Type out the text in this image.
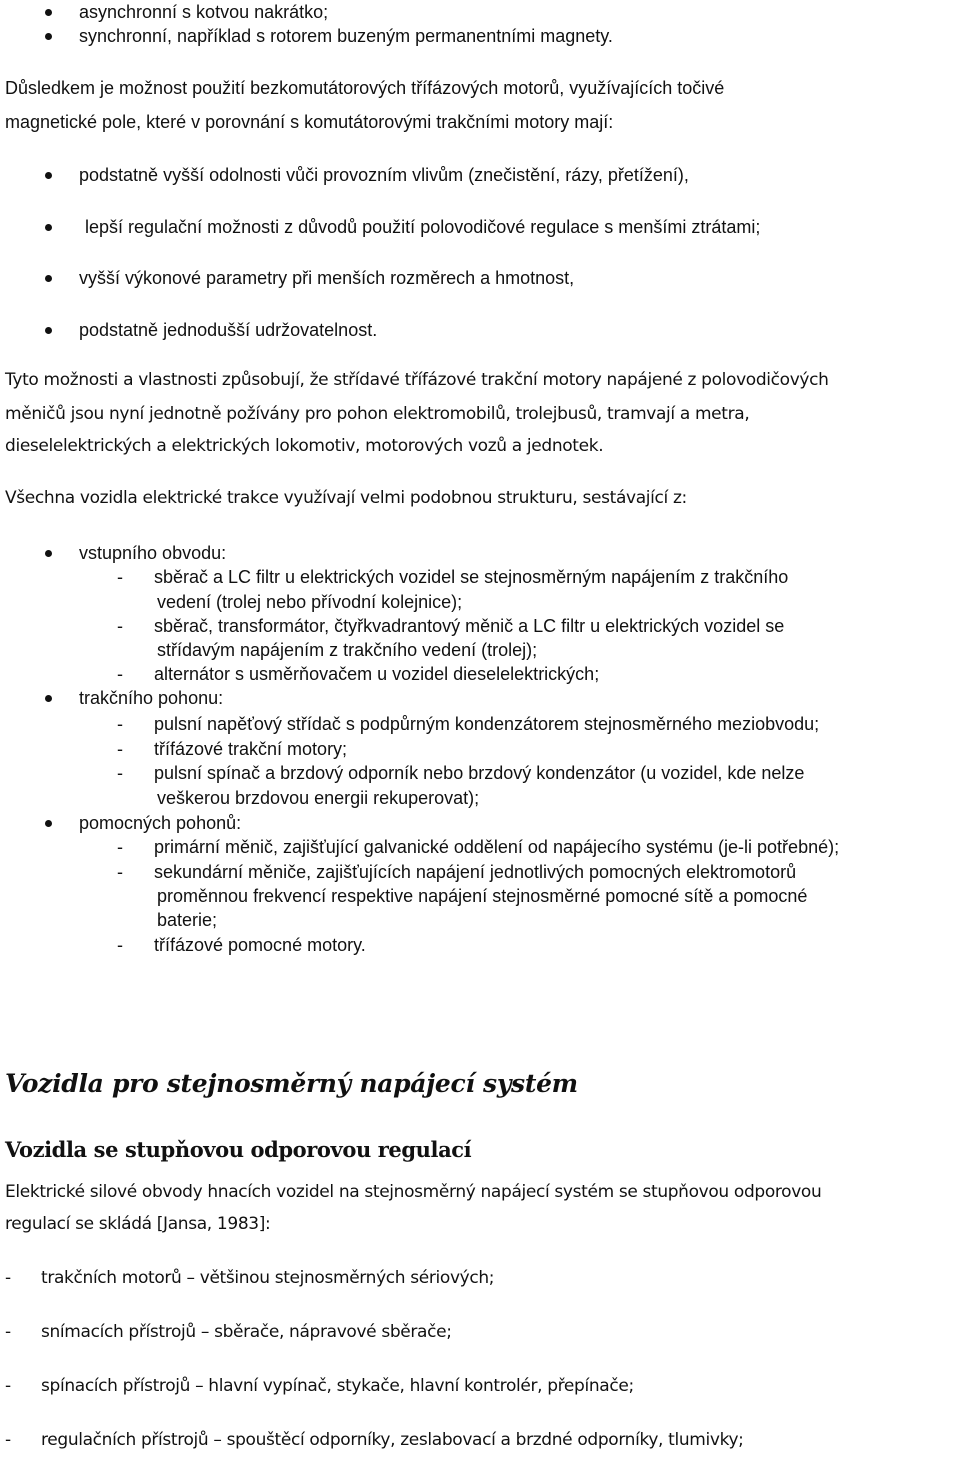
asynchronní s kotvou nakrátko;
synchronní, například s rotorem buzeným permanentními magnety.
Důsledkem je možnost použití bezkomutátorových třífázových motorů, využívajících točivé
magnetické pole, které v porovnání s komutátorovými trakčními motory mají:
podstatně vyšší odolnosti vůči provozním vlivům (znečistění, rázy, přetížení),
lepší regulační možnosti z důvodů použití polovodičové regulace s menšími ztrátami;
vyšší výkonové parametry při menších rozměrech a hmotnost,
podstatně jednodušší udržovatelnost.
Tyto možnosti a vlastnosti způsobují, že střídavé třífázové trakční motory napájené z polovodičových
měničů jsou nyní jednotně požívány pro pohon elektromobilů, trolejbusů, tramvají a metra,
dieselelektrických a elektrických lokomotiv, motorových vozů a jednotek.
Všechna vozidla elektrické trakce využívají velmi podobnou strukturu, sestávající z:
vstupního obvodu:
- sběrač a LC filtr u elektrických vozidel se stejnosměrným napájením z trakčního
vedení (trolej nebo přívodní kolejnice);
- sběrač, transformátor, čtyřkvadrantový měnič a LC filtr u elektrických vozidel se
střídavým napájením z trakčního vedení (trolej);
- alternátor s usměrňovačem u vozidel dieselelektrických;
trakčního pohonu:
- pulsní napěťový střídač s podpůrným kondenzátorem stejnosměrného meziobvodu;
- třífázové trakční motory;
- pulsní spínač a brzdový odporník nebo brzdový kondenzátor (u vozidel, kde nelze
veškerou brzdovou energii rekuperovat);
pomocných pohonů:
- primární měnič, zajišťující galvanické oddělení od napájecího systému (je-li potřebné);
- sekundární měniče, zajišťujících napájení jednotlivých pomocných elektromotorů
proměnnou frekvencí respektive napájení stejnosměrné pomocné sítě a pomocné
baterie;
- třífázové pomocné motory.
Vozidla pro stejnosměrný napájecí systém
Vozidla se stupňovou odporovou regulací
Elektrické silové obvody hnacích vozidel na stejnosměrný napájecí systém se stupňovou odporovou
regulací se skládá [Jansa, 1983]:
- trakčních motorů – většinou stejnosměrných sériových;
- snímacích přístrojů – sběrače, nápravové sběrače;
- spínacích přístrojů – hlavní vypínač, stykače, hlavní kontrolér, přepínače;
- regulačních přístrojů – spouštěcí odporníky, zeslabovací a brzdné odporníky, tlumivky;
